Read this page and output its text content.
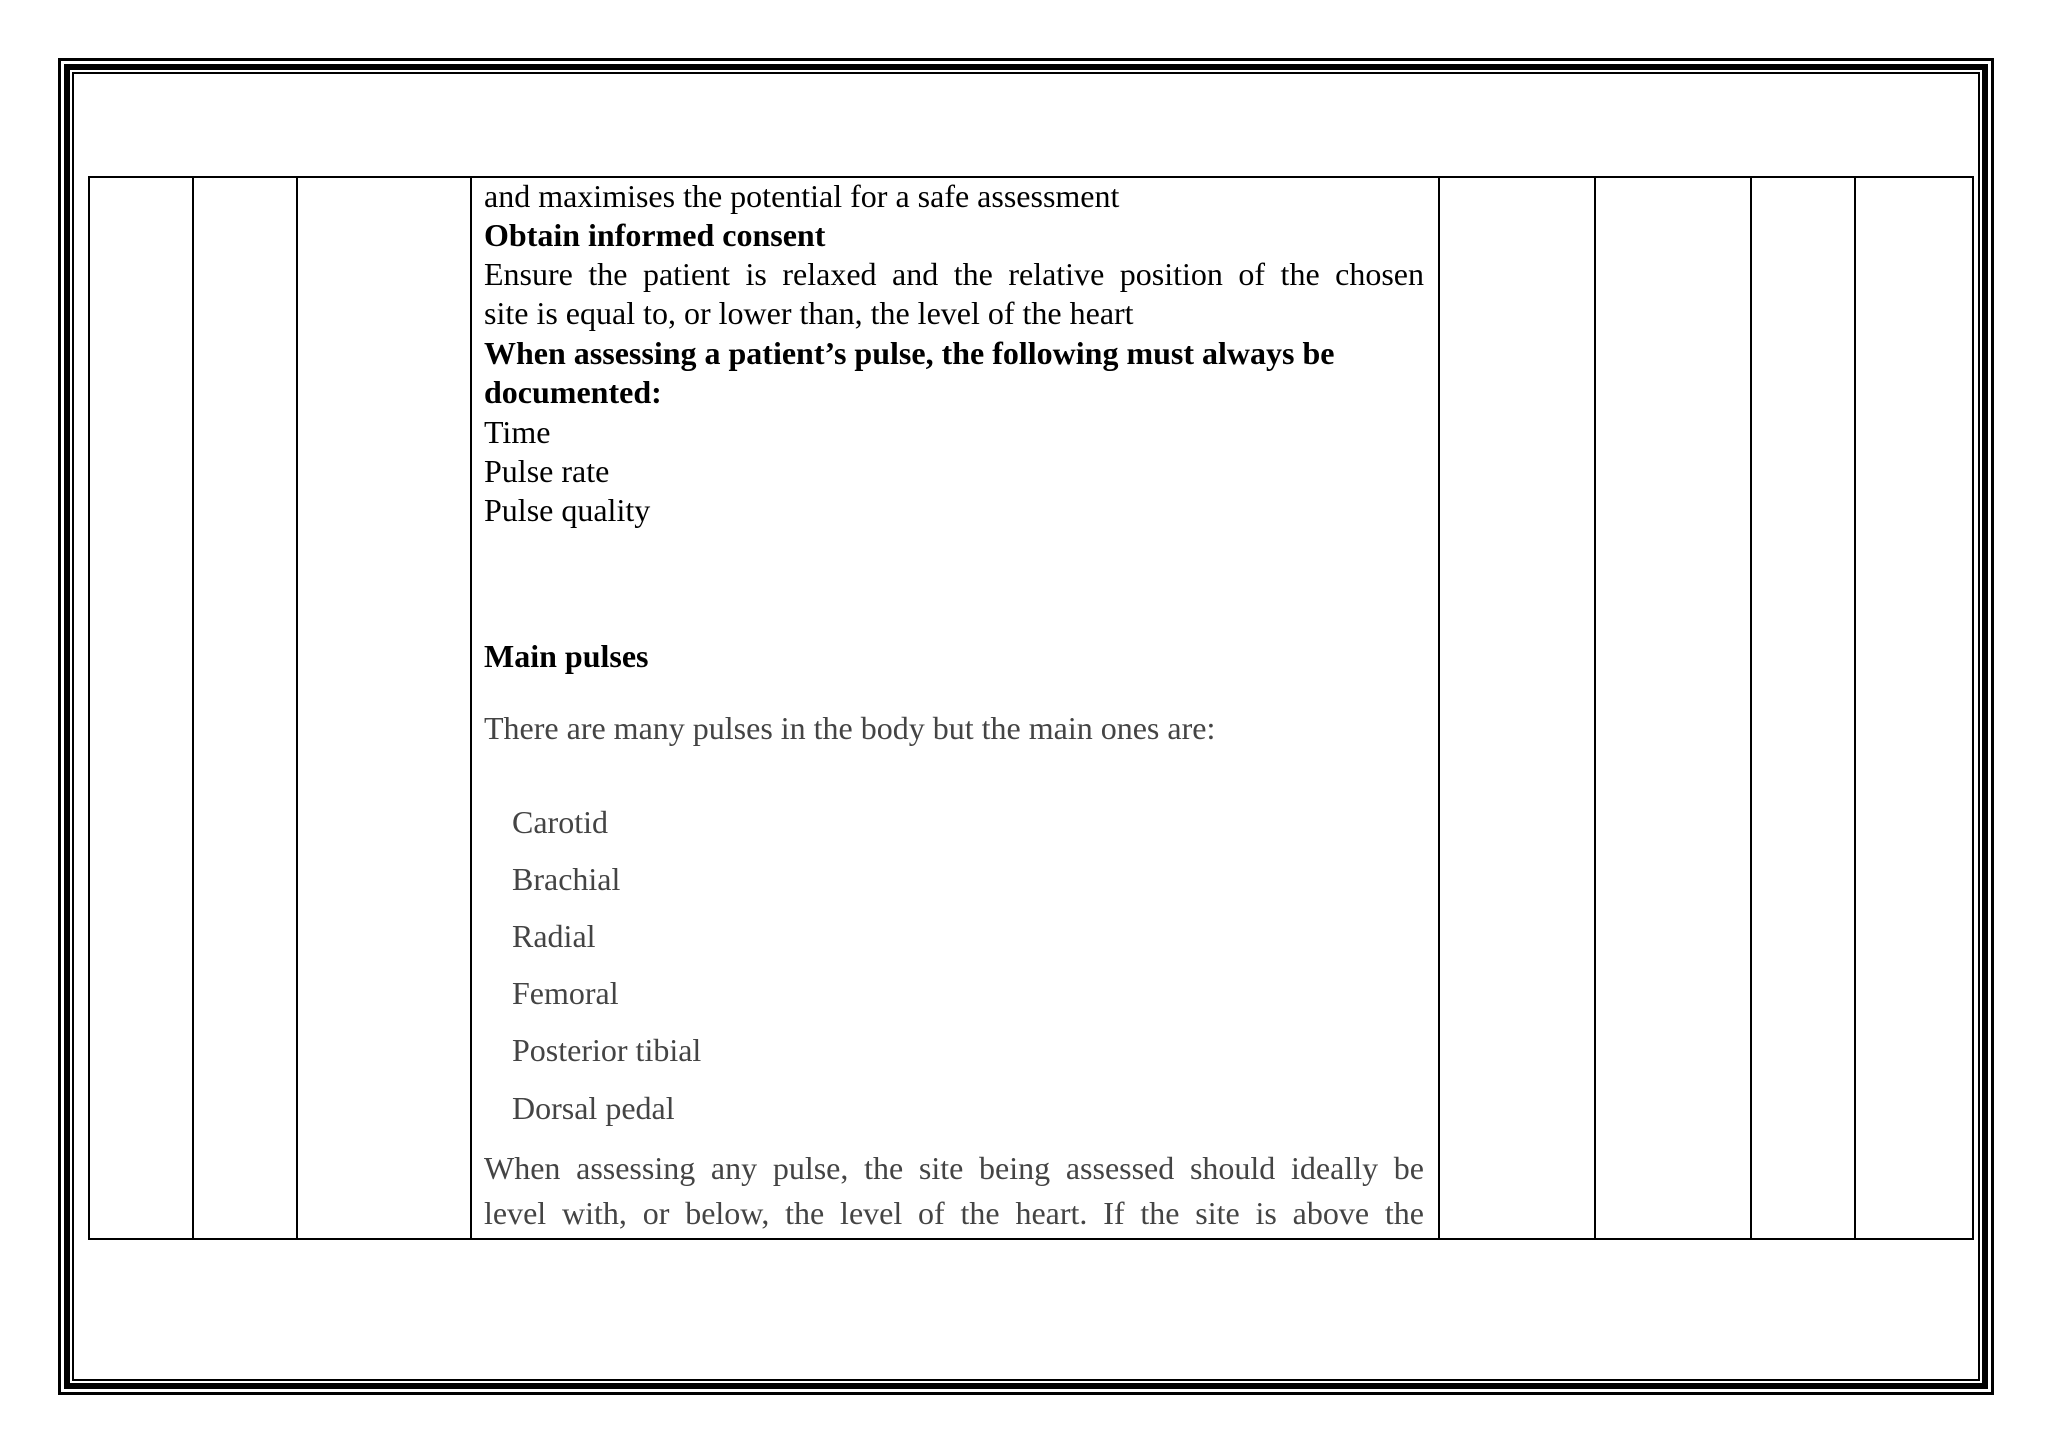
and maximises the potential for a safe assessment

Obtain informed consent

Ensure the patient is relaxed and the relative position of the chosen

site is equal to, or lower than, the level of the heart

When assessing a patient’s pulse, the following must always be

documented:

Time

Pulse rate

Pulse quality

Main pulses

There are many pulses in the body but the main ones are:

Carotid
Brachial
Radial
Femoral
Posterior tibial
Dorsal pedal

When assessing any pulse, the site being assessed should ideally be

level with, or below, the level of the heart. If the site is above the
